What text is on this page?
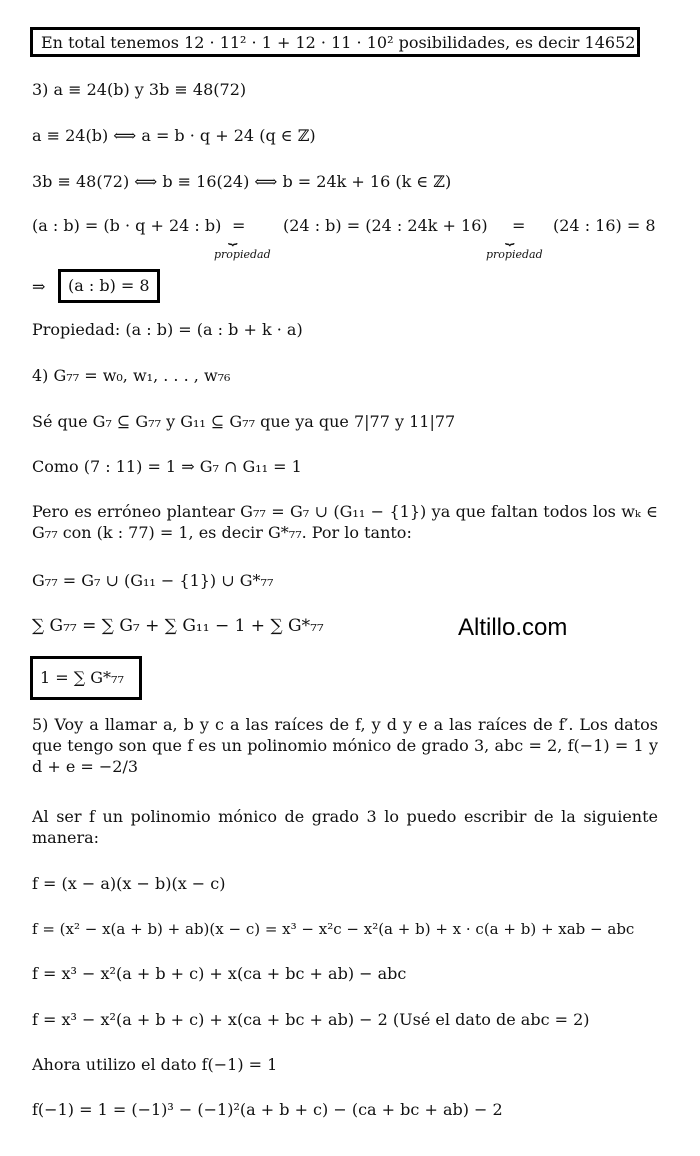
En total tenemos 12 · 11² · 1 + 12 · 11 · 10² posibilidades, es decir 14652.
3) a ≡ 24(b) y 3b ≡ 48(72)
a ≡ 24(b) ⟺ a = b · q + 24 (q ∈ ℤ)
3b ≡ 48(72) ⟺ b ≡ 16(24) ⟺ b = 24k + 16 (k ∈ ℤ)
(a : b) = (b · q + 24 : b) =
⏟
propiedad
(24 : b) = (24 : 24k + 16) =
⏟
propiedad
(24 : 16) = 8
⇒ (a : b) = 8
Propiedad: (a : b) = (a : b + k · a)
4) G₇₇ = w₀, w₁, . . . , w₇₆
Sé que G₇ ⊆ G₇₇ y G₁₁ ⊆ G₇₇ que ya que 7|77 y 11|77
Como (7 : 11) = 1 ⇒ G₇ ∩ G₁₁ = 1
Pero es erróneo plantear G₇₇ = G₇ ∪ (G₁₁ − {1}) ya que faltan todos los wₖ ∈ G₇₇ con (k : 77) = 1, es decir G*₇₇. Por lo tanto:
G₇₇ = G₇ ∪ (G₁₁ − {1}) ∪ G*₇₇
∑ G₇₇ = ∑ G₇ + ∑ G₁₁ − 1 + ∑ G*₇₇
1 = ∑ G*₇₇
5) Voy a llamar a, b y c a las raíces de f, y d y e a las raíces de f′. Los datos que tengo son que f es un polinomio mónico de grado 3, abc = 2, f(−1) = 1 y d + e = −2/3
Al ser f un polinomio mónico de grado 3 lo puedo escribir de la siguiente manera:
f = (x − a)(x − b)(x − c)
f = (x² − x(a + b) + ab)(x − c) = x³ − x²c − x²(a + b) + x · c(a + b) + xab − abc
f = x³ − x²(a + b + c) + x(ca + bc + ab) − abc
f = x³ − x²(a + b + c) + x(ca + bc + ab) − 2 (Usé el dato de abc = 2)
Ahora utilizo el dato f(−1) = 1
f(−1) = 1 = (−1)³ − (−1)²(a + b + c) − (ca + bc + ab) − 2
Altillo.com
